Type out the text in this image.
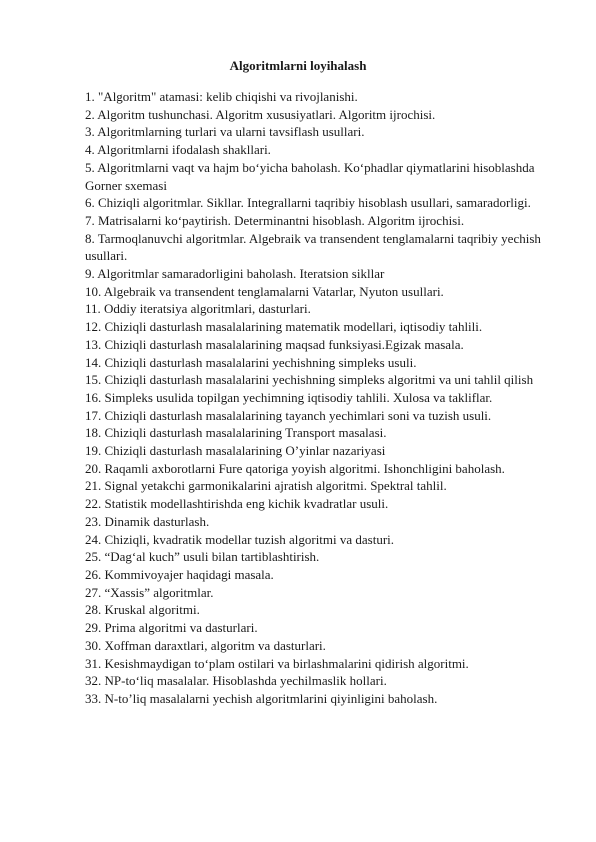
Algoritmlarni loyihalash
1. "Algoritm" atamasi: kelib chiqishi va rivojlanishi.
2. Algoritm tushunchasi. Algoritm xususiyatlari. Algoritm ijrochisi.
3. Algoritmlarning turlari va ularni tavsiflash usullari.
4. Algoritmlarni ifodalash shakllari.
5. Algoritmlarni vaqt va hajm bo‘yicha baholash. Ko‘phadlar qiymatlarini hisoblashda Gorner sxemasi
6. Chiziqli algoritmlar. Sikllar. Integrallarni taqribiy hisoblash usullari, samaradorligi.
7. Matrisalarni ko‘paytirish. Determinantni hisoblash. Algoritm ijrochisi.
8. Tarmoqlanuvchi algoritmlar. Algebraik va transendent tenglamalarni taqribiy yechish usullari.
9. Algoritmlar samaradorligini baholash. Iteratsion sikllar
10. Algebraik va transendent tenglamalarni Vatarlar, Nyuton usullari.
11. Oddiy iteratsiya algoritmlari, dasturlari.
12. Chiziqli dasturlash masalalarining matematik modellari, iqtisodiy tahlili.
13. Chiziqli dasturlash masalalarining maqsad funksiyasi.Egizak masala.
14. Chiziqli dasturlash masalalarini yechishning simpleks usuli.
15. Chiziqli dasturlash masalalarini yechishning simpleks algoritmi va uni tahlil qilish
16. Simpleks usulida topilgan yechimning iqtisodiy tahlili. Xulosa va takliflar.
17. Chiziqli dasturlash masalalarining tayanch yechimlari soni va tuzish usuli.
18. Chiziqli dasturlash masalalarining Transport masalasi.
19. Chiziqli dasturlash masalalarining O’yinlar nazariyasi
20. Raqamli axborotlarni Fure qatoriga yoyish algoritmi. Ishonchligini baholash.
21. Signal yetakchi garmonikalarini ajratish algoritmi. Spektral tahlil.
22. Statistik modellashtirishda eng kichik kvadratlar usuli.
23. Dinamik dasturlash.
24. Chiziqli, kvadratik modellar tuzish algoritmi va dasturi.
25. “Dag‘al kuch” usuli bilan tartiblashtirish.
26. Kommivoyajer haqidagi masala.
27. “Xassis” algoritmlar.
28. Kruskal algoritmi.
29. Prima algoritmi va dasturlari.
30. Xoffman daraxtlari, algoritm va dasturlari.
31. Kesishmaydigan to‘plam ostilari va birlashmalarini qidirish algoritmi.
32. NP-to‘liq masalalar. Hisoblashda yechilmaslik hollari.
33. N-to’liq masalalarni yechish algoritmlarini qiyinligini baholash.
